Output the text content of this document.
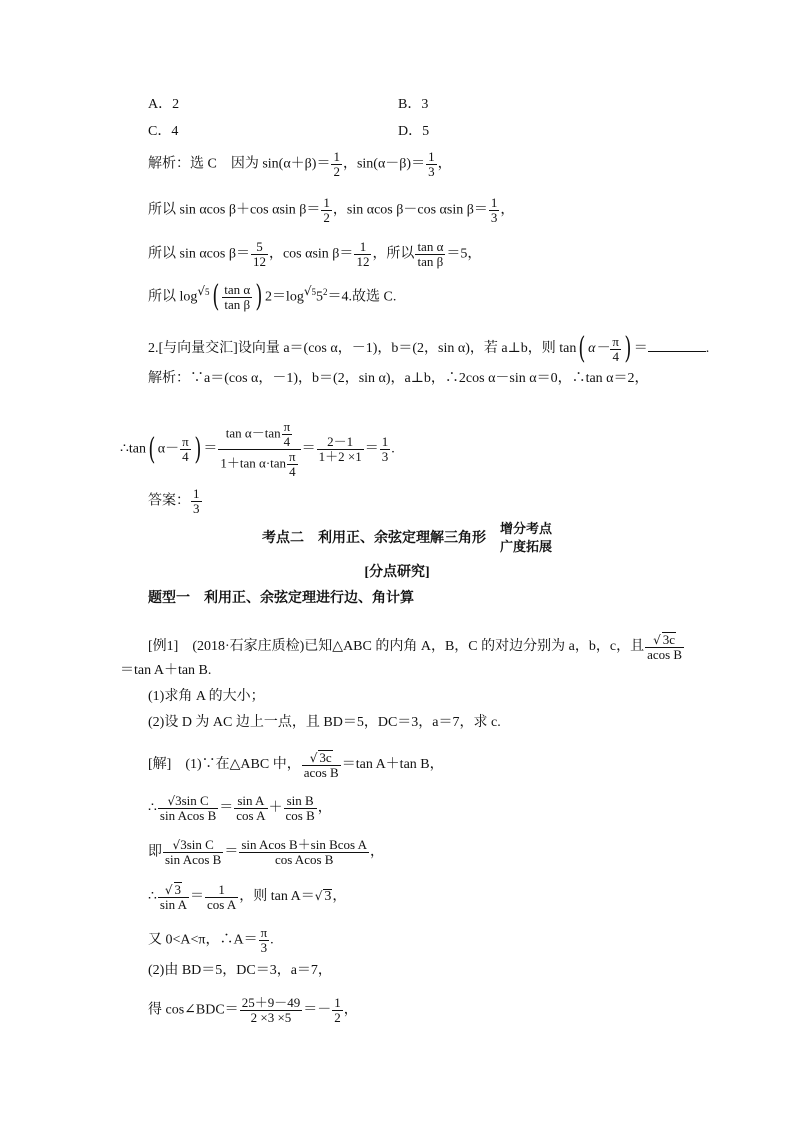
A．2	B．3
C．4	D．5
解析：选 C　因为 $\sin(\alpha+\beta)= \frac{1}{2}$ ，$\sin(\alpha-\beta)= \frac{1}{3}$ ，
所以 sin αcos β＋cos αsin $\beta= \frac{1}{2}$ ，sin αcos β－cos αsin $\beta= \frac{1}{3}$ ，
所以 sin αcos $\beta= \frac{5}{12}$ ，cos αsin $\beta= \frac{1}{12}$ ，所以 $\frac{\text{tan α}}{\text{tan β}} =5$，
所以 $\log^{√5}( \frac{\text{tan α}}{\text{tan β}}$ ) $2=\log^{√5}5^2=4$.故选 C.
2.[与向量交汇]设向量 a＝(cos α，－1)，b＝(2，sin α)，若 a⊥b，则 tan( $\alpha- \frac{\pi}{4}$ ) ＝	.
解析：∵a＝(cos α，－1)，b＝(2，sin α)，a⊥b，∴2cos α－sin α＝0，∴tan α＝2，
∴tan( $\alpha- \frac{\pi}{4}$ ) ＝ $\frac{\tan \alpha-\tan \frac{\pi}{4}}{1+\tan \alpha\cdot\tan \frac{\pi}{4}} = \frac{2-1}{1+2 \times 1} = \frac{1}{3}$ .
答案： $\frac{1}{3}$
考点二　利用正、余弦定理解三角形
增分考点
广度拓展
[分点研究]
题型一　利用正、余弦定理进行边、角计算
[例1]　(2018·石家庄质检)已知△ABC 的内角 A，B，C 的对边分别为 a，b，c，且 $\frac{√ 3c}{\text{acos B}}$
＝tan A＋tan B.
(1)求角 A 的大小；
(2)设 D 为 AC 边上一点，且 BD＝5，DC＝3，a＝7，求 c.
[解]　(1)∵在△ABC 中， $\frac{√ 3c}{\text{acos B}} =\tan$ A＋tan B，
∴ $\frac{\text{√3sin C}}{\text{sin Acos B}} = \frac{\text{sin A}}{\text{cos A}} + \frac{\text{sin B}}{\text{cos B}}$ ，
即 $\frac{\text{√3sin C}}{\text{sin Acos B}} = \frac{\text{sin Acos B＋sin Bcos A}}{\text{cos Acos B}}$ ，
∴ $\frac{√ 3}{\text{sin A}} = \frac{1}{\text{cos A}}$ ，则 tan A＝√ 3，
又 0<A<π，∴A＝ $\frac{\pi}{3}$ .
(2)由 BD＝5，DC＝3，a＝7，
得 cos∠BDC＝ $\frac{25+9-49}{2 \times 3 \times 5} =- \frac{1}{2}$ ，
